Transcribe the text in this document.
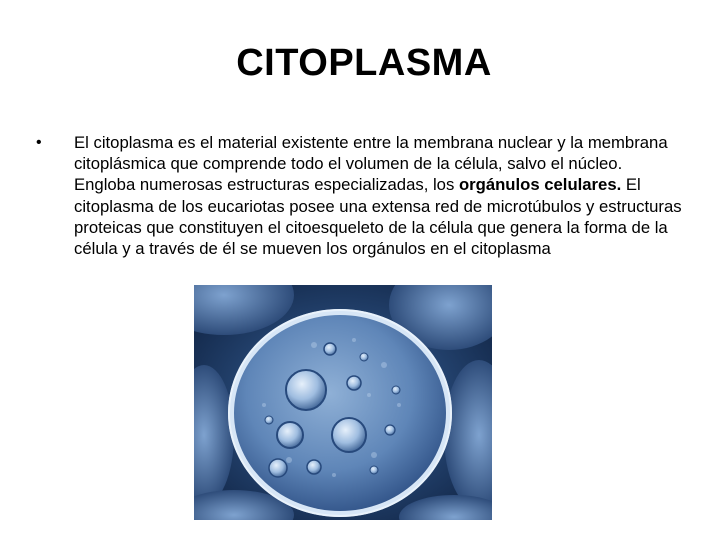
CITOPLASMA
• El citoplasma es el material existente entre la membrana nuclear y la membrana citoplásmica que comprende todo el volumen de la célula, salvo el núcleo. Engloba numerosas estructuras especializadas, los orgánulos celulares. El citoplasma de los eucariotas posee una extensa red de microtúbulos y estructuras proteicas que constituyen el citoesqueleto de la célula que genera la forma de la célula y a través de él se mueven los orgánulos en el citoplasma
